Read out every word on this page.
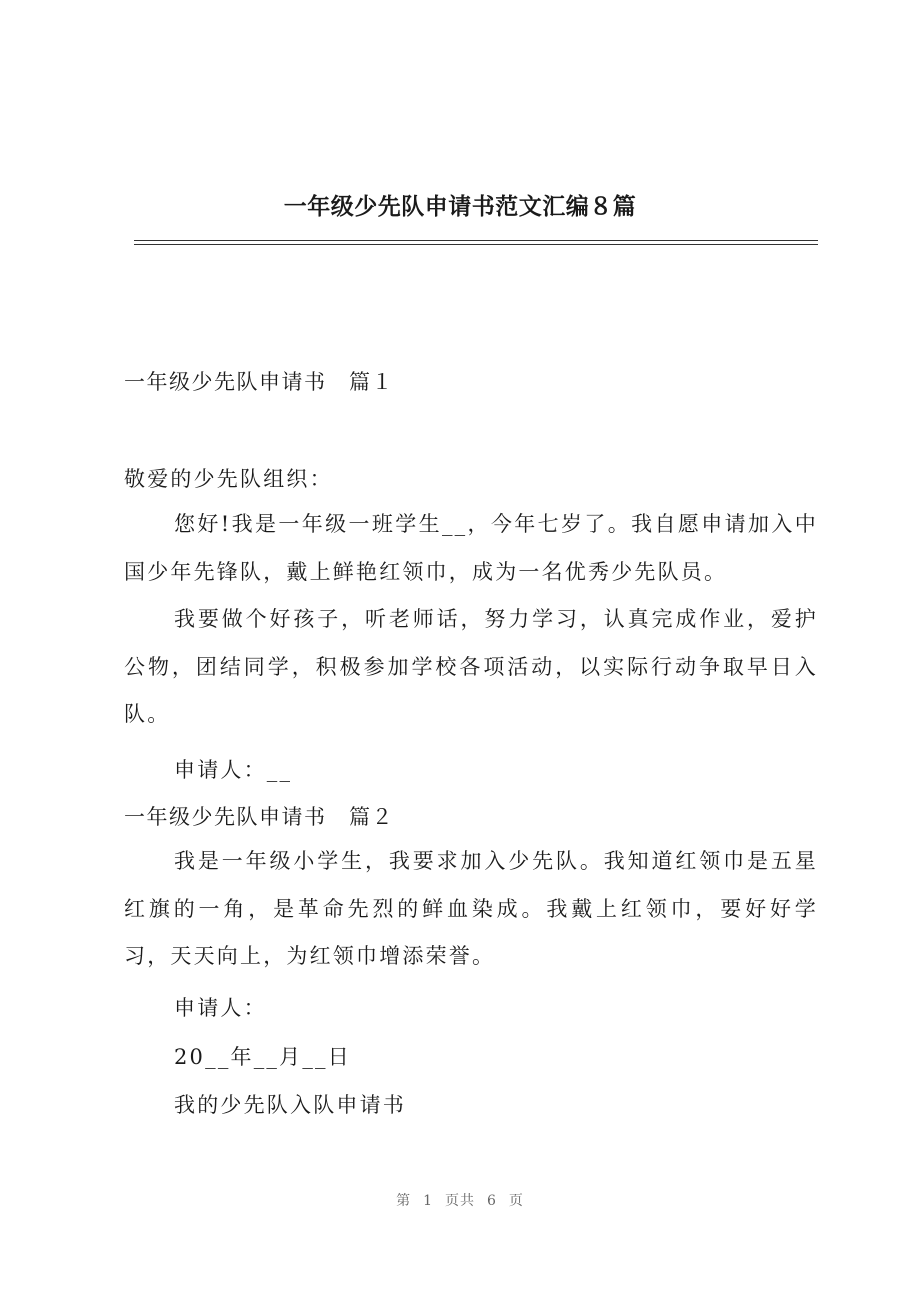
一年级少先队申请书范文汇编８篇
一年级少先队申请书　篇１
敬爱的少先队组织：
您好!我是一年级一班学生__，今年七岁了。我自愿申请加入中国少年先锋队，戴上鲜艳红领巾，成为一名优秀少先队员。
我要做个好孩子，听老师话，努力学习，认真完成作业，爱护公物，团结同学，积极参加学校各项活动，以实际行动争取早日入队。
申请人：__
一年级少先队申请书　篇２
我是一年级小学生，我要求加入少先队。我知道红领巾是五星红旗的一角，是革命先烈的鲜血染成。我戴上红领巾，要好好学习，天天向上，为红领巾增添荣誉。
申请人：
20__年__月__日
我的少先队入队申请书
第 1 页共 6 页
